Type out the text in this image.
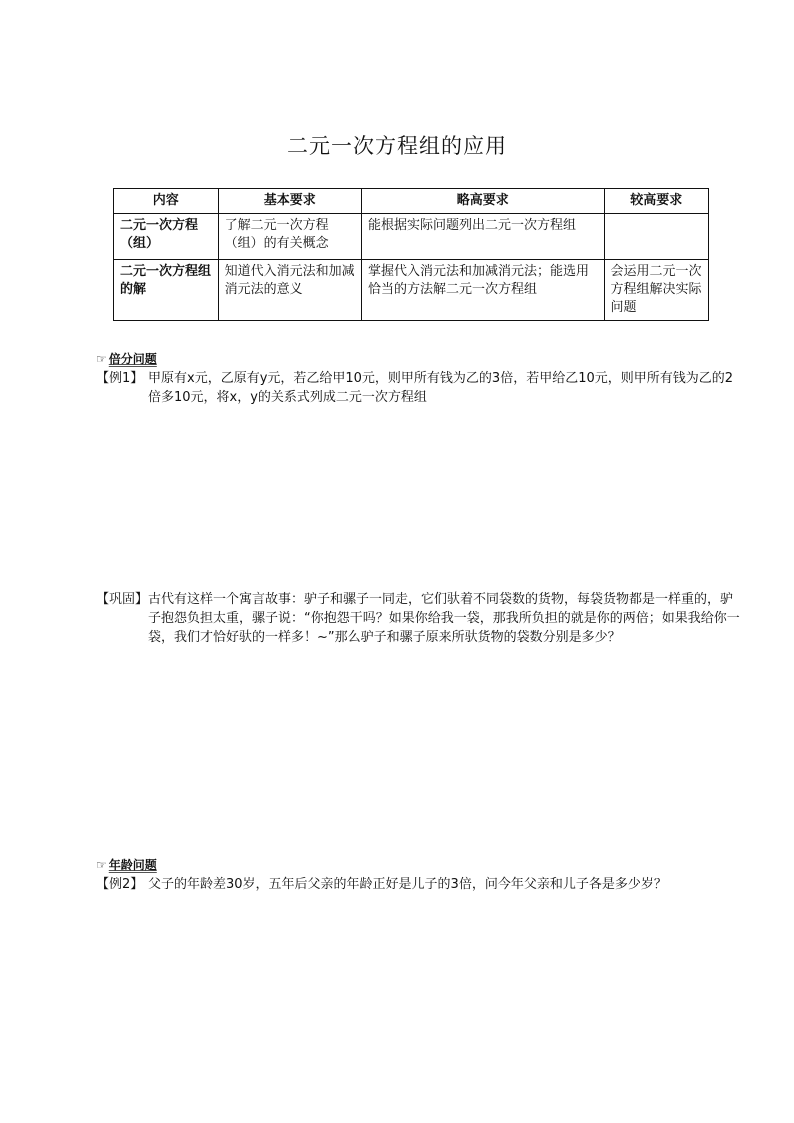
二元一次方程组的应用
内容	基本要求	略高要求	较高要求
二元一次方程（组）	了解二元一次方程（组）的有关概念	能根据实际问题列出二元一次方程组	
二元一次方程组的解	知道代入消元法和加减消元法的意义	掌握代入消元法和加减消元法；能选用恰当的方法解二元一次方程组	会运用二元一次方程组解决实际问题
☞ 倍分问题
【例1】 甲原有x元，乙原有y元，若乙给甲10元，则甲所有钱为乙的3倍，若甲给乙10元，则甲所有钱为乙的2倍多10元，将x，y的关系式列成二元一次方程组
【巩固】 古代有这样一个寓言故事：驴子和骡子一同走，它们驮着不同袋数的货物，每袋货物都是一样重的，驴子抱怨负担太重，骡子说：“你抱怨干吗？如果你给我一袋，那我所负担的就是你的两倍；如果我给你一袋，我们才恰好驮的一样多！~”那么驴子和骡子原来所驮货物的袋数分别是多少？
☞ 年龄问题
【例2】 父子的年龄差30岁，五年后父亲的年龄正好是儿子的3倍，问今年父亲和儿子各是多少岁？
